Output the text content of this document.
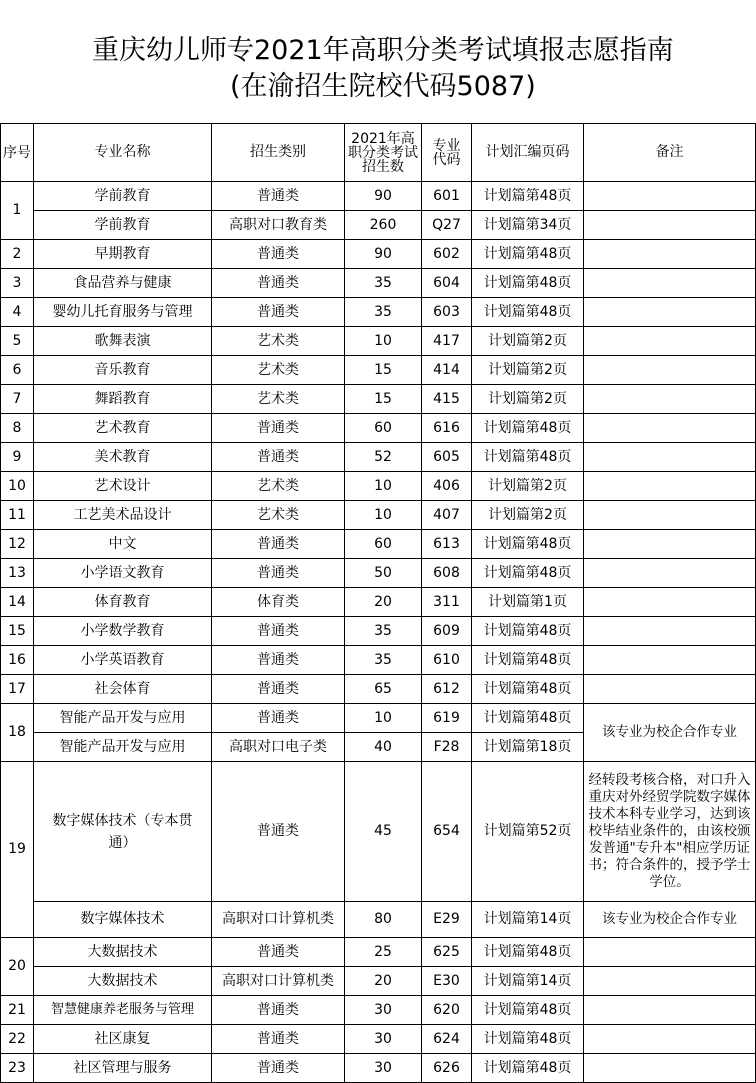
重庆幼儿师专2021年高职分类考试填报志愿指南
(在渝招生院校代码5087)
序号	专业名称	招生类别	2021年高职分类考试招生数	专业代码	计划汇编页码	备注
1	学前教育	普通类	90	601	计划篇第48页	
	学前教育	高职对口教育类	260	Q27	计划篇第34页	
2	早期教育	普通类	90	602	计划篇第48页	
3	食品营养与健康	普通类	35	604	计划篇第48页	
4	婴幼儿托育服务与管理	普通类	35	603	计划篇第48页	
5	歌舞表演	艺术类	10	417	计划篇第2页	
6	音乐教育	艺术类	15	414	计划篇第2页	
7	舞蹈教育	艺术类	15	415	计划篇第2页	
8	艺术教育	普通类	60	616	计划篇第48页	
9	美术教育	普通类	52	605	计划篇第48页	
10	艺术设计	艺术类	10	406	计划篇第2页	
11	工艺美术品设计	艺术类	10	407	计划篇第2页	
12	中文	普通类	60	613	计划篇第48页	
13	小学语文教育	普通类	50	608	计划篇第48页	
14	体育教育	体育类	20	311	计划篇第1页	
15	小学数学教育	普通类	35	609	计划篇第48页	
16	小学英语教育	普通类	35	610	计划篇第48页	
17	社会体育	普通类	65	612	计划篇第48页	
18	智能产品开发与应用	普通类	10	619	计划篇第48页	该专业为校企合作专业
	智能产品开发与应用	高职对口电子类	40	F28	计划篇第18页	
19	数字媒体技术（专本贯通）	普通类	45	654	计划篇第52页	经转段考核合格，对口升入重庆对外经贸学院数字媒体技术本科专业学习，达到该校毕结业条件的，由该校颁发普通"专升本"相应学历证书；符合条件的，授予学士学位。
	数字媒体技术	高职对口计算机类	80	E29	计划篇第14页	该专业为校企合作专业
20	大数据技术	普通类	25	625	计划篇第48页	
	大数据技术	高职对口计算机类	20	E30	计划篇第14页	
21	智慧健康养老服务与管理	普通类	30	620	计划篇第48页	
22	社区康复	普通类	30	624	计划篇第48页	
23	社区管理与服务	普通类	30	626	计划篇第48页	
